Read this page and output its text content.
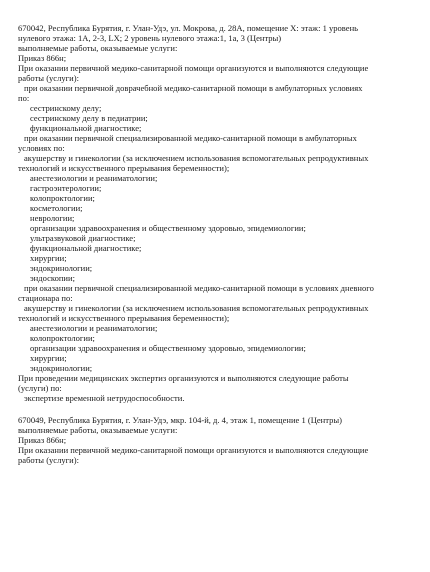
670042, Республика Бурятия, г. Улан-Удэ, ул. Мокрова, д. 28А, помещение X: этаж: 1 уровень
нулевого этажа: 1А, 2-3, LX; 2 уровень нулевого этажа:1, 1а, 3 (Центры)
выполняемые работы, оказываемые услуги:
Приказ 866н;
При оказании первичной медико-санитарной помощи организуются и выполняются следующие
работы (услуги):
при оказании первичной доврачебной медико-санитарной помощи в амбулаторных условиях
по:
сестринскому делу;
сестринскому делу в педиатрии;
функциональной диагностике;
при оказании первичной специализированной медико-санитарной помощи в амбулаторных
условиях по:
акушерству и гинекологии (за исключением использования вспомогательных репродуктивных
технологий и искусственного прерывания беременности);
анестезиологии и реаниматологии;
гастроэнтерологии;
колопроктологии;
косметологии;
неврологии;
организации здравоохранения и общественному здоровью, эпидемиологии;
ультразвуковой диагностике;
функциональной диагностике;
хирургии;
эндокринологии;
эндоскопии;
при оказании первичной специализированной медико-санитарной помощи в условиях дневного
стационара по:
акушерству и гинекологии (за исключением использования вспомогательных репродуктивных
технологий и искусственного прерывания беременности);
анестезиологии и реаниматологии;
колопроктологии;
организации здравоохранения и общественному здоровью, эпидемиологии;
хирургии;
эндокринологии;
При проведении медицинских экспертиз организуются и выполняются следующие работы
(услуги) по:
экспертизе временной нетрудоспособности.
670049, Республика Бурятия, г. Улан-Удэ, мкр. 104-й, д. 4, этаж 1, помещение 1 (Центры)
выполняемые работы, оказываемые услуги:
Приказ 866н;
При оказании первичной медико-санитарной помощи организуются и выполняются следующие
работы (услуги):
